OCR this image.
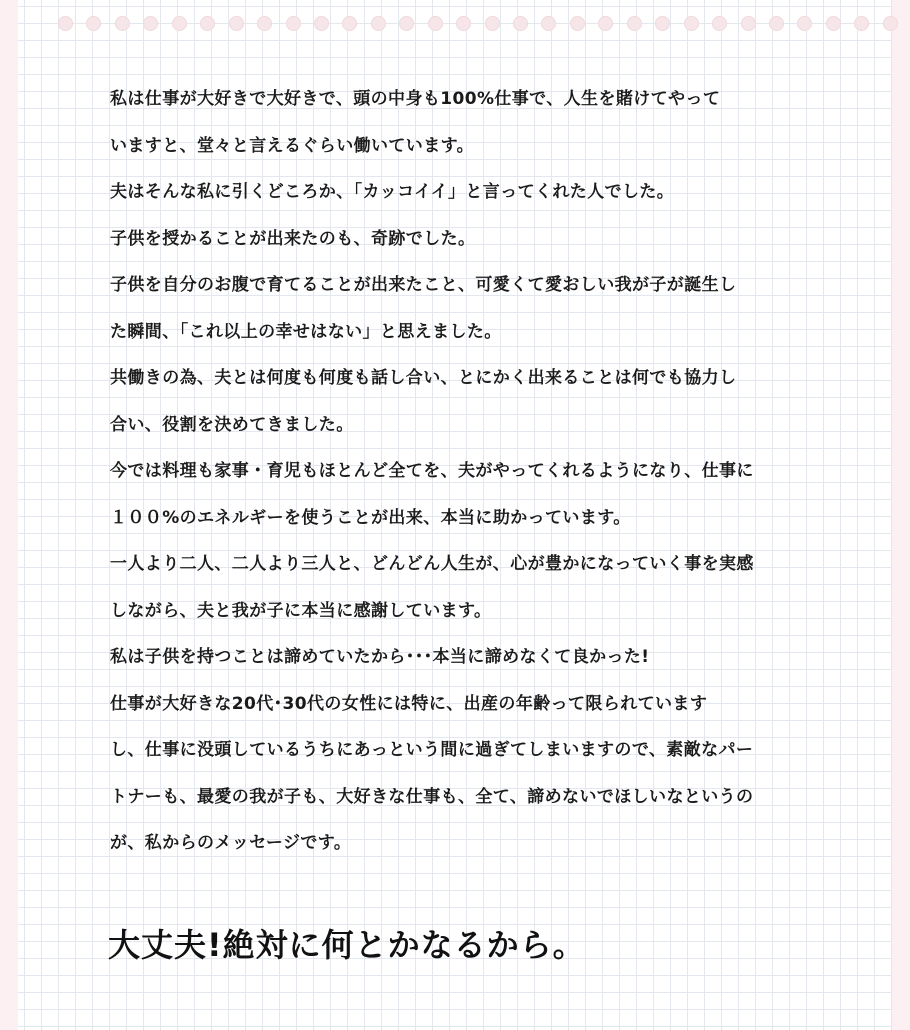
私は仕事が大好きで大好きで、頭の中身も100%仕事で、人生を賭けてやって
いますと、堂々と言えるぐらい働いています。
夫はそんな私に引くどころか、「カッコイイ」と言ってくれた人でした。
子供を授かることが出来たのも、奇跡でした。
子供を自分のお腹で育てることが出来たこと、可愛くて愛おしい我が子が誕生し
た瞬間、「これ以上の幸せはない」と思えました。
共働きの為、夫とは何度も何度も話し合い、とにかく出来ることは何でも協力し
合い、役割を決めてきました。
今では料理も家事・育児もほとんど全てを、夫がやってくれるようになり、仕事に
１００%のエネルギーを使うことが出来、本当に助かっています。
一人より二人、二人より三人と、どんどん人生が、心が豊かになっていく事を実感
しながら、夫と我が子に本当に感謝しています。
私は子供を持つことは諦めていたから･･･本当に諦めなくて良かった!
仕事が大好きな20代･30代の女性には特に、出産の年齢って限られています
し、仕事に没頭しているうちにあっという間に過ぎてしまいますので、素敵なパー
トナーも、最愛の我が子も、大好きな仕事も、全て、諦めないでほしいなというの
が、私からのメッセージです。

大丈夫!絶対に何とかなるから。
